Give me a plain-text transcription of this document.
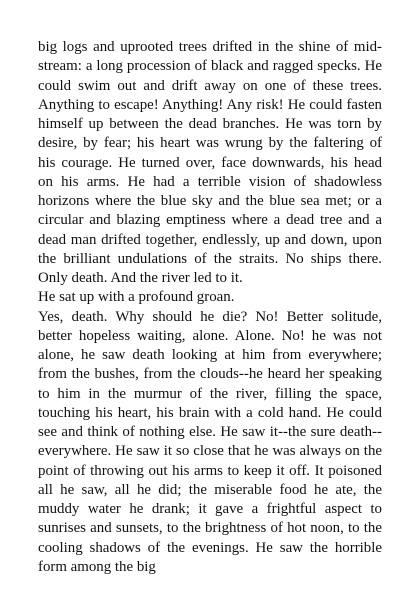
big logs and uprooted trees drifted in the shine of mid-stream: a long procession of black and ragged specks. He could swim out and drift away on one of these trees. Anything to escape! Anything! Any risk! He could fasten himself up between the dead branches. He was torn by desire, by fear; his heart was wrung by the faltering of his courage. He turned over, face downwards, his head on his arms. He had a terrible vision of shadowless horizons where the blue sky and the blue sea met; or a circular and blazing emptiness where a dead tree and a dead man drifted together, endlessly, up and down, upon the brilliant undulations of the straits. No ships there. Only death. And the river led to it.

He sat up with a profound groan.

Yes, death. Why should he die? No! Better solitude, better hopeless waiting, alone. Alone. No! he was not alone, he saw death looking at him from everywhere; from the bushes, from the clouds--he heard her speaking to him in the murmur of the river, filling the space, touching his heart, his brain with a cold hand. He could see and think of nothing else. He saw it--the sure death--everywhere. He saw it so close that he was always on the point of throwing out his arms to keep it off. It poisoned all he saw, all he did; the miserable food he ate, the muddy water he drank; it gave a frightful aspect to sunrises and sunsets, to the brightness of hot noon, to the cooling shadows of the evenings. He saw the horrible form among the big
